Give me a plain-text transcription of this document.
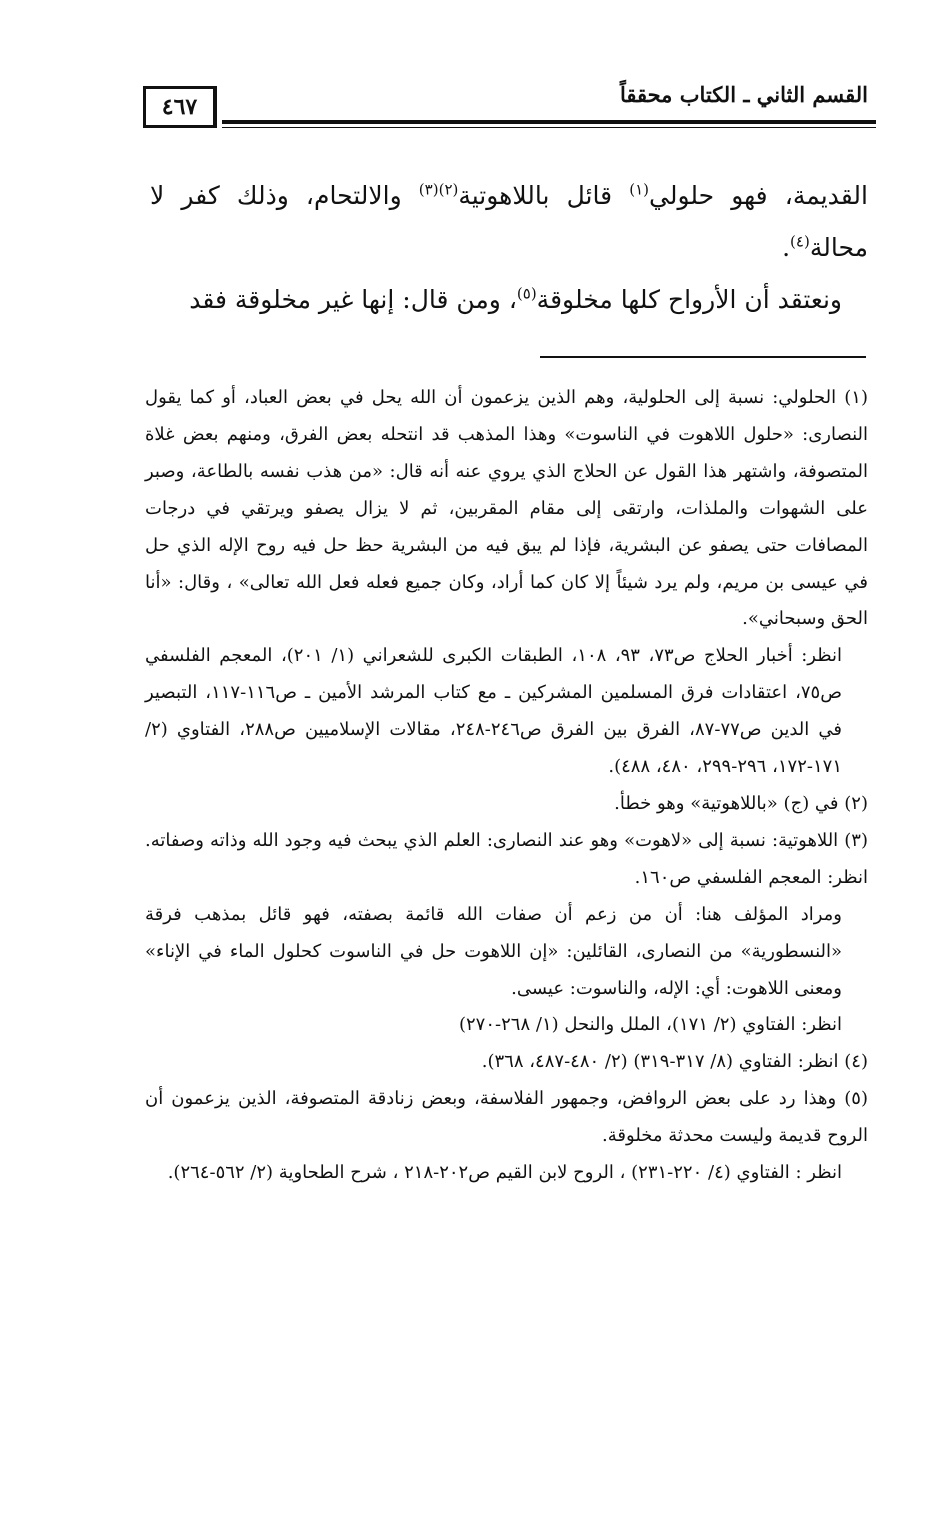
القسم الثاني ـ الكتاب محققاً
٤٦٧

القديمة، فهو حلولي$^{(١)}$ قائل باللاهوتية$^{(٢)(٣)}$ والالتحام، وذلك كفر لا محالة$^{(٤)}$.

ونعتقد أن الأرواح كلها مخلوقة$^{(٥)}$، ومن قال: إنها غير مخلوقة فقد

(١) الحلولي: نسبة إلى الحلولية، وهم الذين يزعمون أن الله يحل في بعض العباد، أو كما يقول النصارى: «حلول اللاهوت في الناسوت» وهذا المذهب قد انتحله بعض الفرق، ومنهم بعض غلاة المتصوفة، واشتهر هذا القول عن الحلاج الذي يروي عنه أنه قال: «من هذب نفسه بالطاعة، وصبر على الشهوات والملذات، وارتقى إلى مقام المقربين، ثم لا يزال يصفو ويرتقي في درجات المصافات حتى يصفو عن البشرية، فإذا لم يبق فيه من البشرية حظ حل فيه روح الإله الذي حل في عيسى بن مريم، ولم يرد شيئاً إلا كان كما أراد، وكان جميع فعله فعل الله تعالى» ، وقال: «أنا الحق وسبحاني».

انظر: أخبار الحلاج ص٧٣، ٩٣، ١٠٨، الطبقات الكبرى للشعراني (١/ ٢٠١)، المعجم الفلسفي ص٧٥، اعتقادات فرق المسلمين المشركين ـ مع كتاب المرشد الأمين ـ ص١١٦-١١٧، التبصير في الدين ص٧٧-٨٧، الفرق بين الفرق ص٢٤٦-٢٤٨، مقالات الإسلاميين ص٢٨٨، الفتاوي (٢/ ١٧١-١٧٢، ٢٩٦-٢٩٩، ٤٨٠، ٤٨٨).

(٢) في (ج) «باللاهوتية» وهو خطأ.

(٣) اللاهوتية: نسبة إلى «لاهوت» وهو عند النصارى: العلم الذي يبحث فيه وجود الله وذاته وصفاته. انظر: المعجم الفلسفي ص١٦٠.

ومراد المؤلف هنا: أن من زعم أن صفات الله قائمة بصفته، فهو قائل بمذهب فرقة «النسطورية» من النصارى، القائلين: «إن اللاهوت حل في الناسوت كحلول الماء في الإناء» ومعنى اللاهوت: أي: الإله، والناسوت: عيسى.

انظر: الفتاوي (٢/ ١٧١)، الملل والنحل (١/ ٢٦٨-٢٧٠)

(٤) انظر: الفتاوي (٨/ ٣١٧-٣١٩) (٢/ ٤٨٠-٤٨٧، ٣٦٨).

(٥) وهذا رد على بعض الروافض، وجمهور الفلاسفة، وبعض زنادقة المتصوفة، الذين يزعمون أن الروح قديمة وليست محدثة مخلوقة.

انظر : الفتاوي (٤/ ٢٢٠-٢٣١) ، الروح لابن القيم ص٢٠٢-٢١٨ ، شرح الطحاوية (٢/ ٥٦٢-٢٦٤).
